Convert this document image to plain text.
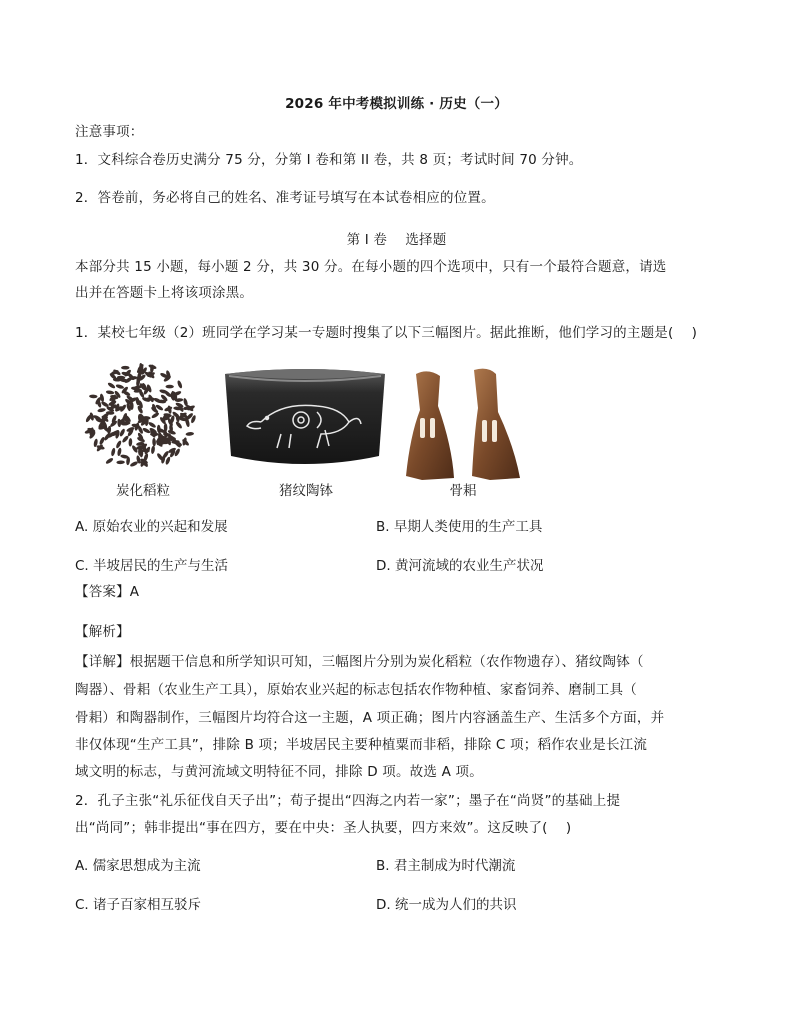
2026 年中考模拟训练 · 历史（一）
注意事项：
1．文科综合卷历史满分 75 分，分第 I 卷和第 II 卷，共 8 页；考试时间 70 分钟。
2．答卷前，务必将自己的姓名、准考证号填写在本试卷相应的位置。
第 I 卷　 选择题
本部分共 15 小题，每小题 2 分，共 30 分。在每小题的四个选项中，只有一个最符合题意，请选
出并在答题卡上将该项涂黑。
1．某校七年级（2）班同学在学习某一专题时搜集了以下三幅图片。据此推断，他们学习的主题是(　 )
炭化稻粒	猪纹陶钵	骨耜
A. 原始农业的兴起和发展	B. 早期人类使用的生产工具
C. 半坡居民的生产与生活	D. 黄河流域的农业生产状况
【答案】A
【解析】
【详解】根据题干信息和所学知识可知，三幅图片分别为炭化稻粒（农作物遗存）、猪纹陶钵（
陶器）、骨耜（农业生产工具），原始农业兴起的标志包括农作物种植、家畜饲养、磨制工具（
骨耜）和陶器制作，三幅图片均符合这一主题，A 项正确；图片内容涵盖生产、生活多个方面，并
非仅体现“生产工具”，排除 B 项；半坡居民主要种植粟而非稻，排除 C 项；稻作农业是长江流
域文明的标志，与黄河流域文明特征不同，排除 D 项。故选 A 项。
2．孔子主张“礼乐征伐自天子出”；荀子提出“四海之内若一家”；墨子在“尚贤”的基础上提
出“尚同”；韩非提出“事在四方，要在中央：圣人执要，四方来效”。这反映了(　 )
A. 儒家思想成为主流	B. 君主制成为时代潮流
C. 诸子百家相互驳斥	D. 统一成为人们的共识
